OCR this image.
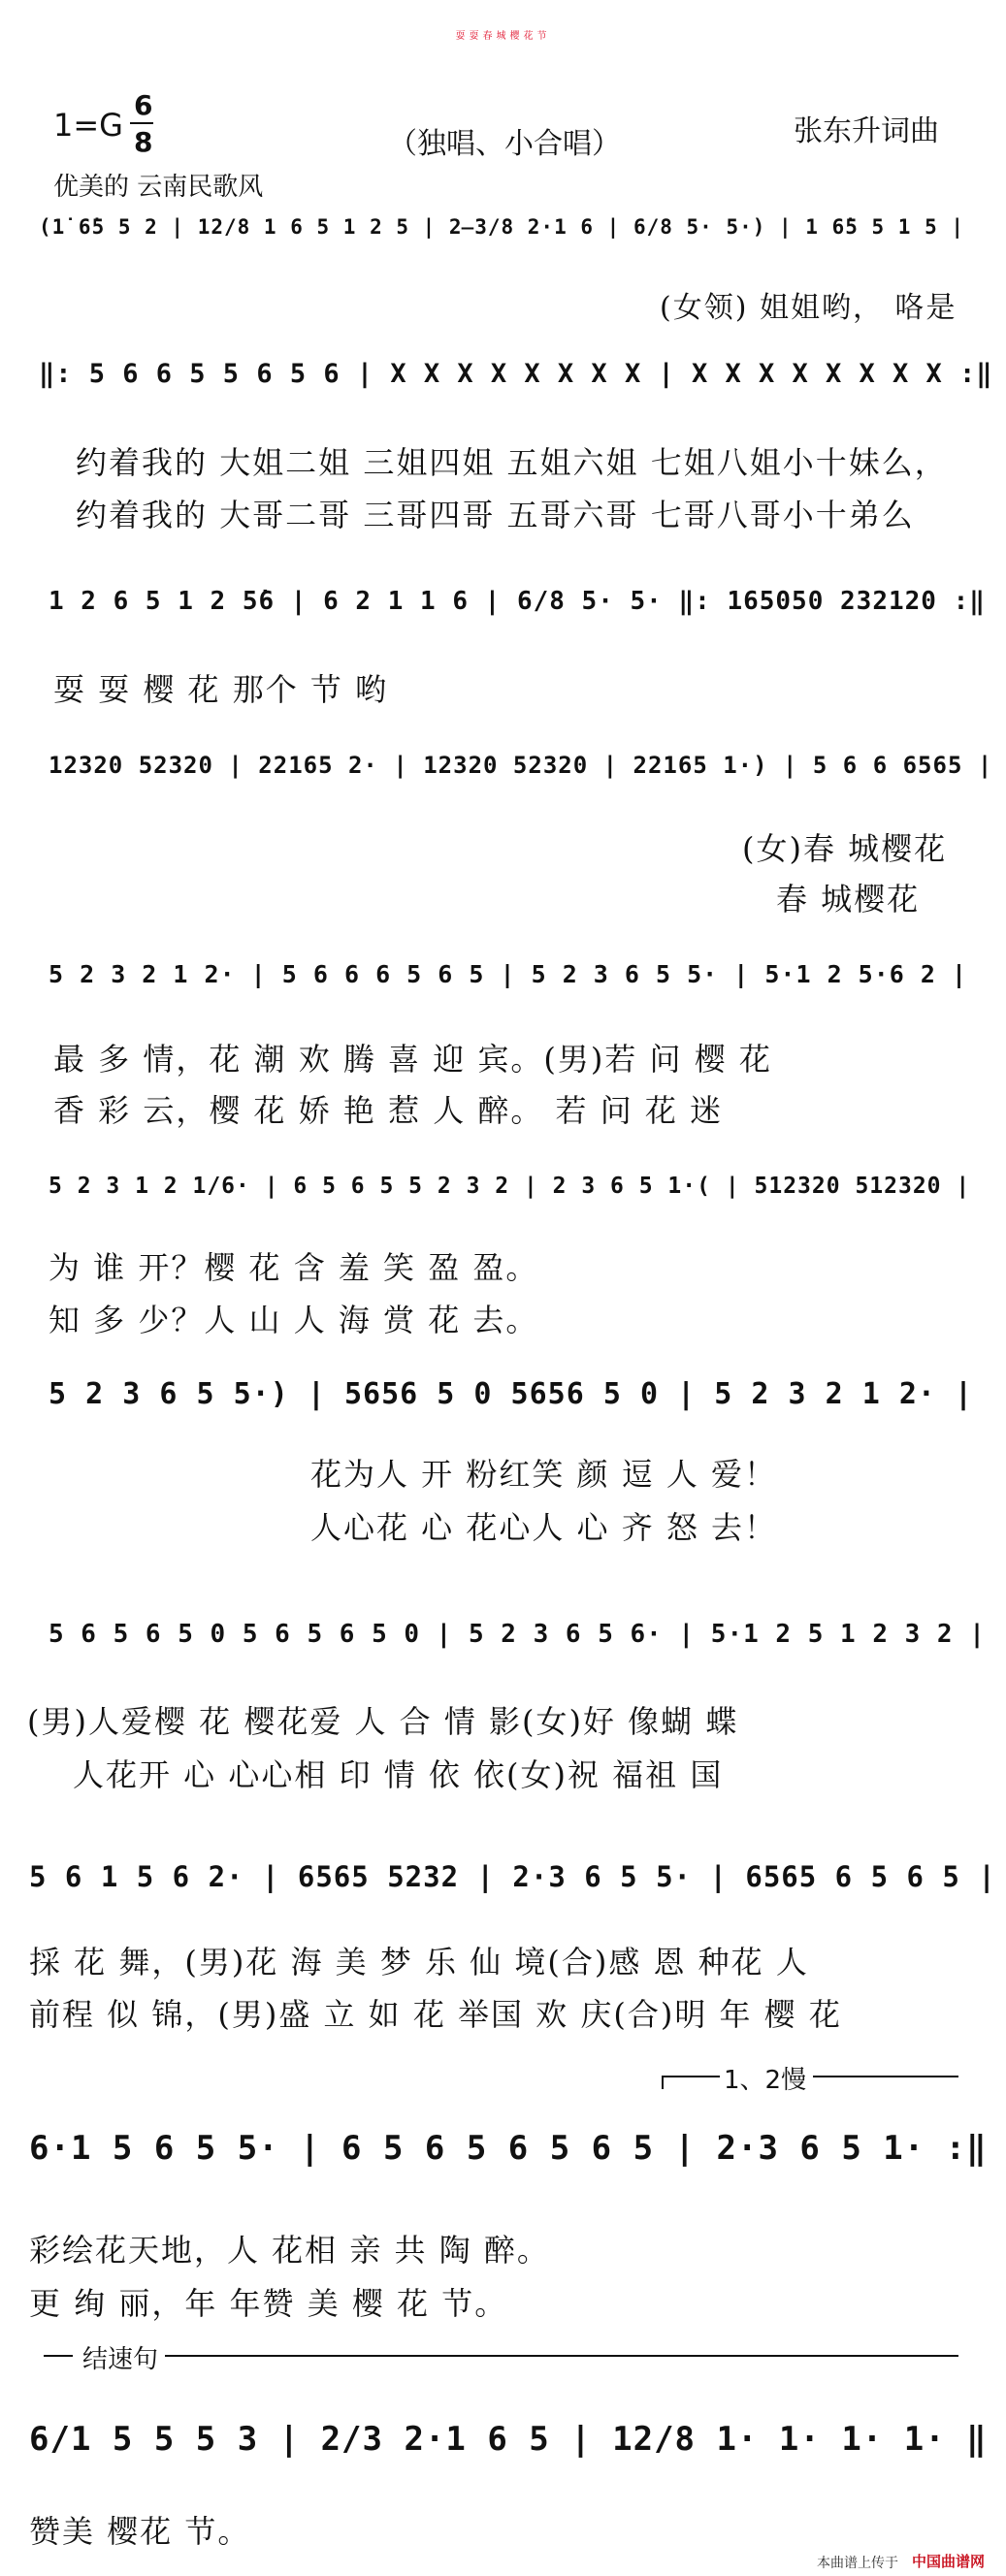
耍耍春城樱花节
1=G
6
8	（独唱、小合唱）	张东升词曲
优美的 云南民歌风
(1̇ 6̇5 5 2 | 12/8 1 6 5 1 2 5 | 2̶3/8 2·1 6 | 6/8 5· 5·) | 1 6̇5 5 1 5 |
(女领) 姐姐哟， 咯是
‖: 5 6 6 5 5 6 5 6 | X X X X X X X X | X X X X X X X X :‖
约着我的 大姐二姐 三姐四姐 五姐六姐 七姐八姐小十妹么，
约着我的 大哥二哥 三哥四哥 五哥六哥 七哥八哥小十弟么
1 2 6 5 1 2 5̇6 | 6 2 1 1 6 | 6/8 5· 5· ‖: 165050 232120 :‖
耍 耍 樱 花 那个 节 哟
12320 52320 | 22165 2· | 12320 52320 | 22165 1·) | 5 6 6 6565 |
(女)春 城樱花
春 城樱花
5 2 3 2 1 2· | 5 6 6 6 5 6 5 | 5 2 3 6 5 5· | 5·1 2 5·6 2 |
最 多 情，花 潮 欢 腾 喜 迎 宾。(男)若 问 樱 花
香 彩 云，樱 花 娇 艳 惹 人 醉。 若 问 花 迷
5 2 3 1 2 1/6· | 6 5 6 5 5 2 3 2 | 2 3 6 5 1·( | 512320 512320 |
为 谁 开？樱 花 含 羞 笑 盈 盈。
知 多 少？人 山 人 海 赏 花 去。
5 2 3 6 5 5·) | 5656 5 0 5656 5 0 | 5 2 3 2 1 2· |
花为人 开 粉红笑 颜 逗 人 爱！
人心花 心 花心人 心 齐 怒 去！
5 6 5 6 5 0 5 6 5 6 5 0 | 5 2 3 6 5 6· | 5·1 2 5 1 2 3 2 |
(男)人爱樱 花 樱花爱 人 合 情 影(女)好 像蝴 蝶
人花开 心 心心相 印 情 依 依(女)祝 福祖 国
5 6 1 5 6 2· | 6565 5232 | 2·3 6 5 5· | 6565 6 5 6 5 |
採 花 舞，(男)花 海 美 梦 乐 仙 境(合)感 恩 种花 人
前程 似 锦，(男)盛 立 如 花 举国 欢 庆(合)明 年 樱 花
1、2慢
6·1 5 6 5 5· | 6 5 6 5 6 5 6 5 | 2·3 6 5 1· :‖
彩绘花天地，人 花相 亲 共 陶 醉。
更 绚 丽，年 年赞 美 樱 花 节。
结速句
6/1 5 5 5 3 | 2/3 2·1 6 5 | 12/8 1· 1· 1· 1· ‖
赞美 樱花 节。
本曲谱上传于 中国曲谱网
